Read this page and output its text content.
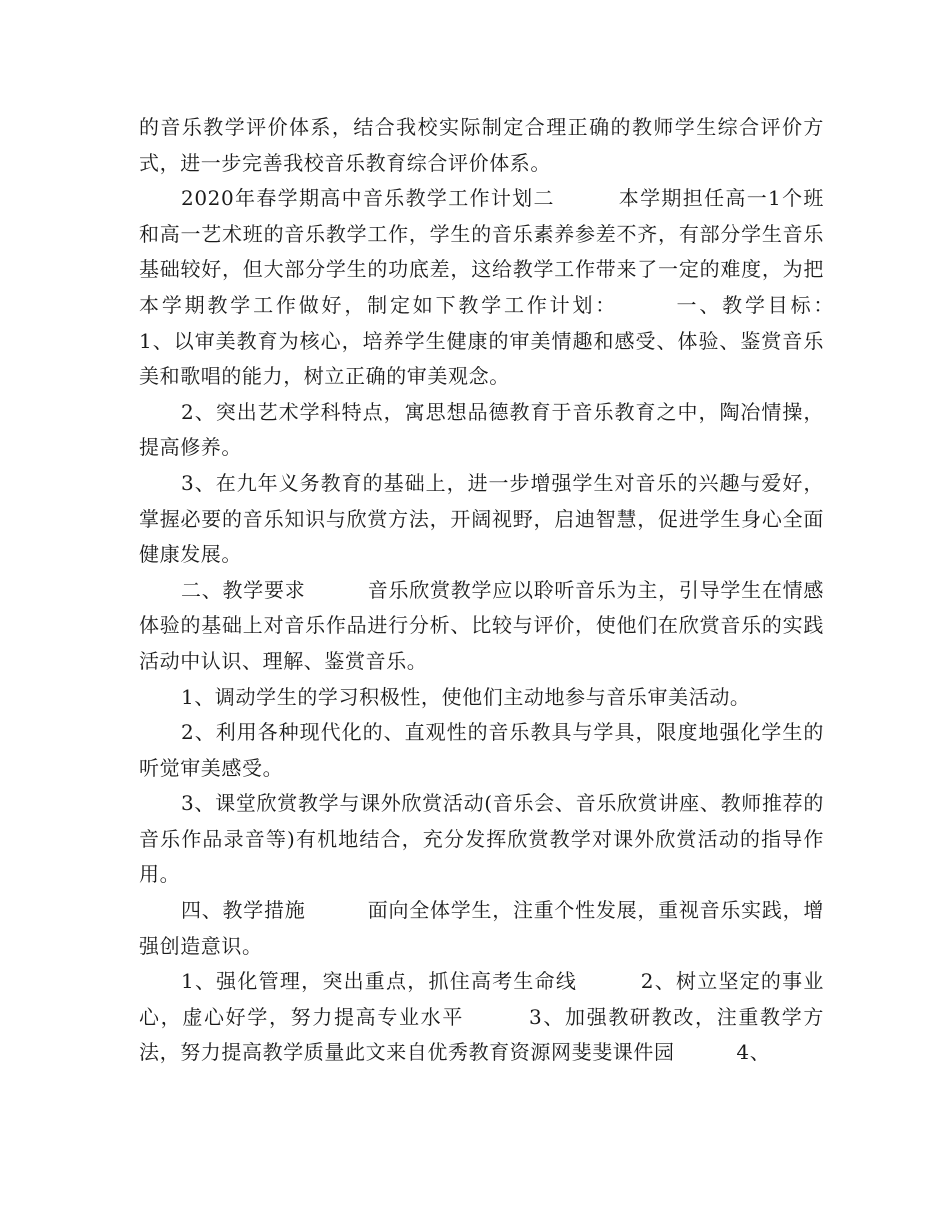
的音乐教学评价体系，结合我校实际制定合理正确的教师学生综合评价方式，进一步完善我校音乐教育综合评价体系。

2020年春学期高中音乐教学工作计划二　　　本学期担任高一1个班和高一艺术班的音乐教学工作，学生的音乐素养参差不齐，有部分学生音乐基础较好，但大部分学生的功底差，这给教学工作带来了一定的难度，为把本学期教学工作做好，制定如下教学工作计划：　　　一、教学目标：　　　1、以审美教育为核心，培养学生健康的审美情趣和感受、体验、鉴赏音乐美和歌唱的能力，树立正确的审美观念。

2、突出艺术学科特点，寓思想品德教育于音乐教育之中，陶冶情操，提高修养。

3、在九年义务教育的基础上，进一步增强学生对音乐的兴趣与爱好，掌握必要的音乐知识与欣赏方法，开阔视野，启迪智慧，促进学生身心全面健康发展。

二、教学要求　　　音乐欣赏教学应以聆听音乐为主，引导学生在情感体验的基础上对音乐作品进行分析、比较与评价，使他们在欣赏音乐的实践活动中认识、理解、鉴赏音乐。

1、调动学生的学习积极性，使他们主动地参与音乐审美活动。

2、利用各种现代化的、直观性的音乐教具与学具，限度地强化学生的听觉审美感受。

3、课堂欣赏教学与课外欣赏活动(音乐会、音乐欣赏讲座、教师推荐的音乐作品录音等)有机地结合，充分发挥欣赏教学对课外欣赏活动的指导作用。

四、教学措施　　　面向全体学生，注重个性发展，重视音乐实践，增强创造意识。

1、强化管理，突出重点，抓住高考生命线　　　2、树立坚定的事业心，虚心好学，努力提高专业水平　　　3、加强教研教改，注重教学方法，努力提高教学质量此文来自优秀教育资源网斐斐课件园　　　4、
